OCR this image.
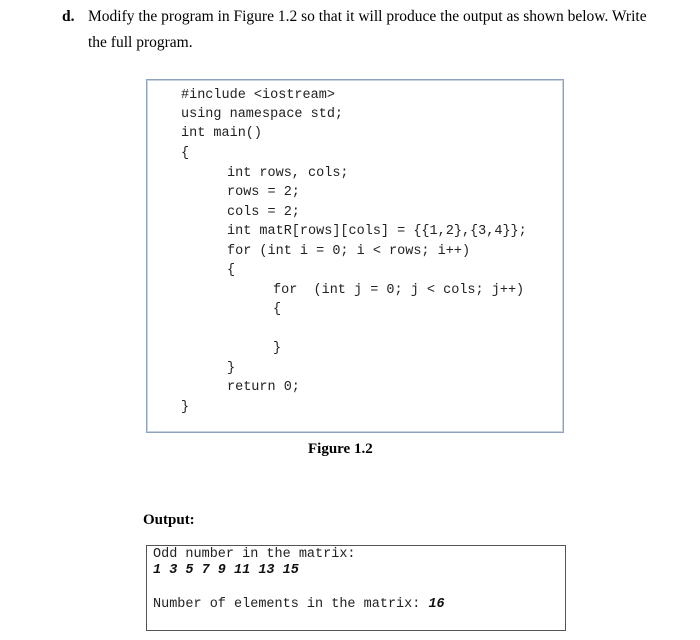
d. Modify the program in Figure 1.2 so that it will produce the output as shown below. Write
the full program.
#include <iostream>
using namespace std;
int main()
{
int rows, cols;
rows = 2;
cols = 2;
int matR[rows][cols] = {{1,2},{3,4}};
for (int i = 0; i < rows; i++)
{
for  (int j = 0; j < cols; j++)
{
}
}
return 0;
}
Figure 1.2
Output:
Odd number in the matrix:
1 3 5 7 9 11 13 15
Number of elements in the matrix: 16
